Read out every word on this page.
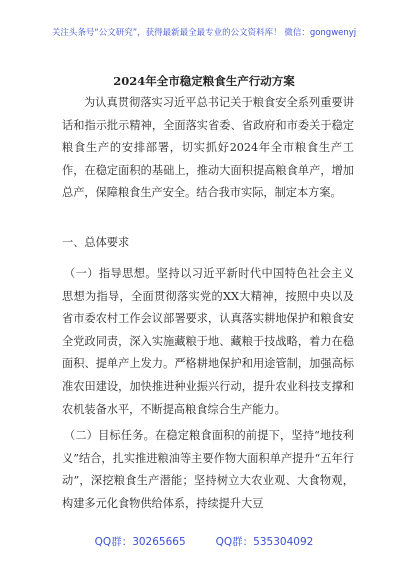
关注头条号“公文研究”，获得最新最全最专业的公文资料库！ 微信：gongwenyj
2024年全市稳定粮食生产行动方案

为认真贯彻落实习近平总书记关于粮食安全系列重要讲话和指示批示精神，全面落实省委、省政府和市委关于稳定粮食生产的安排部署，切实抓好2024年全市粮食生产工作，在稳定面积的基础上，推动大面积提高粮食单产，增加总产，保障粮食生产安全。结合我市实际，制定本方案。

一、总体要求

（一）指导思想。坚持以习近平新时代中国特色社会主义思想为指导，全面贯彻落实党的XX大精神，按照中央以及省市委农村工作会议部署要求，认真落实耕地保护和粮食安全党政同责，深入实施藏粮于地、藏粮于技战略，着力在稳面积、提单产上发力。严格耕地保护和用途管制，加强高标准农田建设，加快推进种业振兴行动，提升农业科技支撑和农机装备水平，不断提高粮食综合生产能力。

（二）目标任务。在稳定粮食面积的前提下，坚持“地技利义”结合，扎实推进粮油等主要作物大面积单产提升“五年行动”，深挖粮食生产潜能；坚持树立大农业观、大食物观，构建多元化食物供给体系，持续提升大豆

QQ群：30265665	QQ群：535304092
